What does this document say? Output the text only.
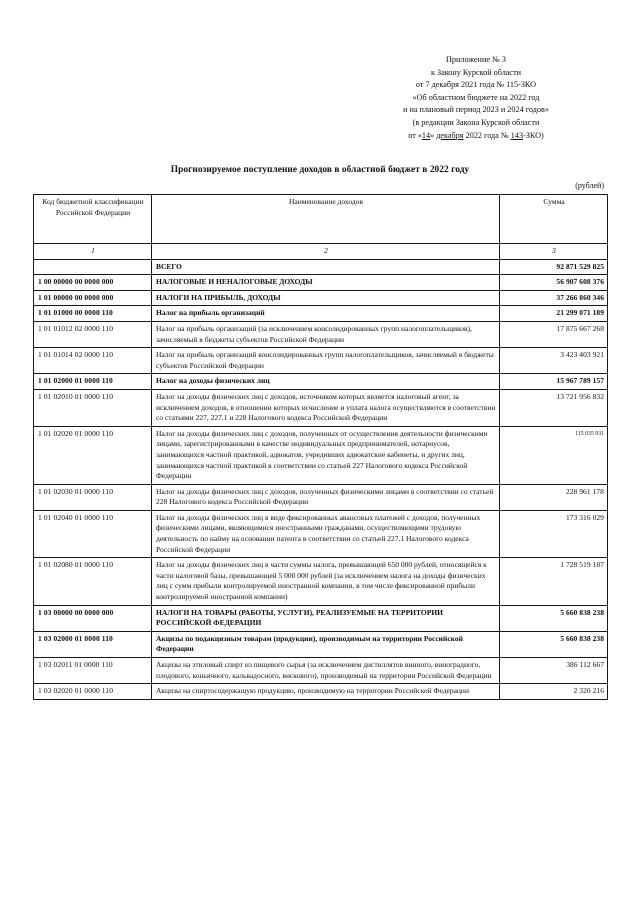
Приложение № 3
к Закону Курской области
от 7 декабря 2021 года № 115-ЗКО
«Об областном бюджете на 2022 год
и на плановый период 2023 и 2024 годов»
(в редакции Закона Курской области
от «14» декабря 2022 года № 143-ЗКО)
Прогнозируемое поступление доходов в областной бюджет в 2022 году
(рублей)
Код бюджетной классификации Российской Федерации	Наименование доходов	Сумма
1	2	3
	ВСЕГО	92 871 529 825
1 00 00000 00 0000 000	НАЛОГОВЫЕ И НЕНАЛОГОВЫЕ ДОХОДЫ	56 907 608 376
1 01 00000 00 0000 000	НАЛОГИ НА ПРИБЫЛЬ, ДОХОДЫ	37 266 860 346
1 01 01000 00 0000 110	Налог на прибыль организаций	21 299 071 189
1 01 01012 02 0000 110	Налог на прибыль организаций (за исключением консолидированных групп налогоплательщиков), зачисляемый в бюджеты субъектов Российской Федерации	17 875 667 268
1 01 01014 02 0000 110	Налог на прибыль организаций консолидированных групп налогоплательщиков, зачисляемый в бюджеты субъектов Российской Федерации	3 423 403 921
1 01 02000 01 0000 110	Налог на доходы физических лиц	15 967 789 157
1 01 02010 01 0000 110	Налог на доходы физических лиц с доходов, источником которых является налоговый агент, за исключением доходов, в отношении которых исчисление и уплата налога осуществляются в соответствии со статьями 227, 227.1 и 228 Налогового кодекса Российской Федерации	13 721 956 832
1 01 02020 01 0000 110	Налог на доходы физических лиц с доходов, полученных от осуществления деятельности физическими лицами, зарегистрированными в качестве индивидуальных предпринимателей, нотариусов, занимающихся частной практикой, адвокатов, учредивших адвокатские кабинеты, и других лиц, занимающихся частной практикой в соответствии со статьей 227 Налогового кодекса Российской Федерации	115 035 931
1 01 02030 01 0000 110	Налог на доходы физических лиц с доходов, полученных физическими лицами в соответствии со статьей 228 Налогового кодекса Российской Федерации	228 961 178
1 01 02040 01 0000 110	Налог на доходы физических лиц в виде фиксированных авансовых платежей с доходов, полученных физическими лицами, являющимися иностранными гражданами, осуществляющими трудовую деятельность по найму на основании патента в соответствии со статьей 227.1 Налогового кодекса Российской Федерации	173 316 029
1 01 02080 01 0000 110	Налог на доходы физических лиц в части суммы налога, превышающей 650 000 рублей, относящейся к части налоговой базы, превышающей 5 000 000 рублей (за исключением налога на доходы физических лиц с сумм прибыли контролируемой иностранной компании, в том числе фиксированной прибыли контролируемой иностранной компании)	1 728 519 187
1 03 00000 00 0000 000	НАЛОГИ НА ТОВАРЫ (РАБОТЫ, УСЛУГИ), РЕАЛИЗУЕМЫЕ НА ТЕРРИТОРИИ РОССИЙСКОЙ ФЕДЕРАЦИИ	5 660 838 238
1 03 02000 01 0000 110	Акцизы по подакцизным товарам (продукции), производимым на территории Российской Федерации	5 660 838 238
1 03 02011 01 0000 110	Акцизы на этиловый спирт из пищевого сырья (за исключением дистиллятов винного, виноградного, плодового, коньячного, кальвадосного, вискового), производимый на территории Российской Федерации	386 112 667
1 03 02020 01 0000 110	Акцизы на спиртосодержащую продукцию, производимую на территории Российской Федерации	2 320 216
